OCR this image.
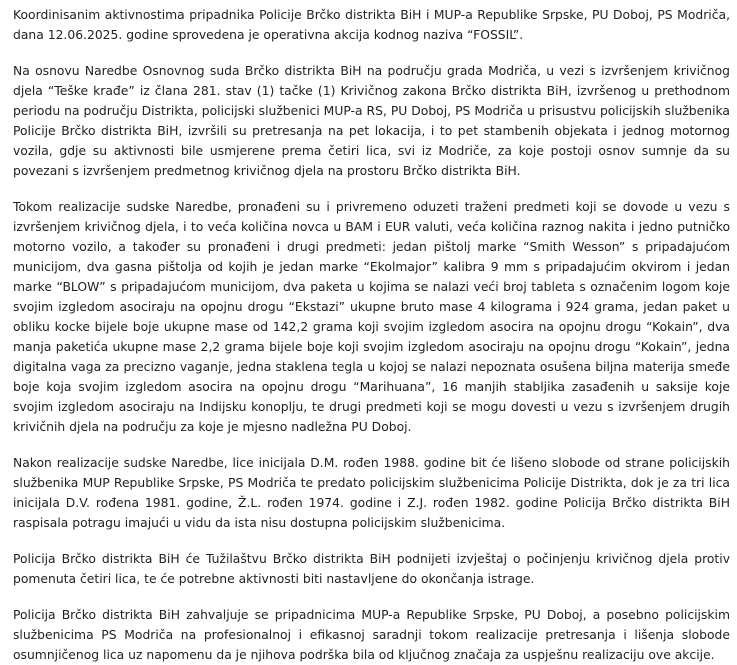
Koordinisanim aktivnostima pripadnika Policije Brčko distrikta BiH i MUP-a Republike Srpske, PU Doboj, PS Modriča, dana 12.06.2025. godine sprovedena je operativna akcija kodnog naziva “FOSSIL”.

Na osnovu Naredbe Osnovnog suda Brčko distrikta BiH na području grada Modriča, u vezi s izvršenjem krivičnog djela “Teške krađe” iz člana 281. stav (1) tačke (1) Krivičnog zakona Brčko distrikta BiH, izvršenog u prethodnom periodu na području Distrikta, policijski službenici MUP-a RS, PU Doboj, PS Modriča u prisustvu policijskih službenika Policije Brčko distrikta BiH, izvršili su pretresanja na pet lokacija, i to pet stambenih objekata i jednog motornog vozila, gdje su aktivnosti bile usmjerene prema četiri lica, svi iz Modriče, za koje postoji osnov sumnje da su povezani s izvršenjem predmetnog krivičnog djela na prostoru Brčko distrikta BiH.

Tokom realizacije sudske Naredbe, pronađeni su i privremeno oduzeti traženi predmeti koji se dovode u vezu s izvršenjem krivičnog djela, i to veća količina novca u BAM i EUR valuti, veća količina raznog nakita i jedno putničko motorno vozilo, a također su pronađeni i drugi predmeti: jedan pištolj marke “Smith Wesson” s pripadajućom municijom, dva gasna pištolja od kojih je jedan marke “Ekolmajor” kalibra 9 mm s pripadajućim okvirom i jedan marke “BLOW” s pripadajućom municijom, dva paketa u kojima se nalazi veći broj tableta s označenim logom koje svojim izgledom asociraju na opojnu drogu “Ekstazi” ukupne bruto mase 4 kilograma i 924 grama, jedan paket u obliku kocke bijele boje ukupne mase od 142,2 grama koji svojim izgledom asocira na opojnu drogu “Kokain”, dva manja paketića ukupne mase 2,2 grama bijele boje koji svojim izgledom asociraju na opojnu drogu “Kokain”, jedna digitalna vaga za precizno vaganje, jedna staklena tegla u kojoj se nalazi nepoznata osušena biljna materija smeđe boje koja svojim izgledom asocira na opojnu drogu “Marihuana”, 16 manjih stabljika zasađenih u saksije koje svojim izgledom asociraju na Indijsku konoplju, te drugi predmeti koji se mogu dovesti u vezu s izvršenjem drugih krivičnih djela na području za koje je mjesno nadležna PU Doboj.

Nakon realizacije sudske Naredbe, lice inicijala D.M. rođen 1988. godine bit će lišeno slobode od strane policijskih službenika MUP Republike Srpske, PS Modriča te predato policijskim službenicima Policije Distrikta, dok je za tri lica inicijala D.V. rođena 1981. godine, Ž.L. rođen 1974. godine i Z.J. rođen 1982. godine Policija Brčko distrikta BiH raspisala potragu imajući u vidu da ista nisu dostupna policijskim službenicima.

Policija Brčko distrikta BiH će Tužilaštvu Brčko distrikta BiH podnijeti izvještaj o počinjenju krivičnog djela protiv pomenuta četiri lica, te će potrebne aktivnosti biti nastavljene do okončanja istrage.

Policija Brčko distrikta BiH zahvaljuje se pripadnicima MUP-a Republike Srpske, PU Doboj, a posebno policijskim službenicima PS Modriča na profesionalnoj i efikasnoj saradnji tokom realizacije pretresanja i lišenja slobode osumnjičenog lica uz napomenu da je njihova podrška bila od ključnog značaja za uspješnu realizaciju ove akcije.
